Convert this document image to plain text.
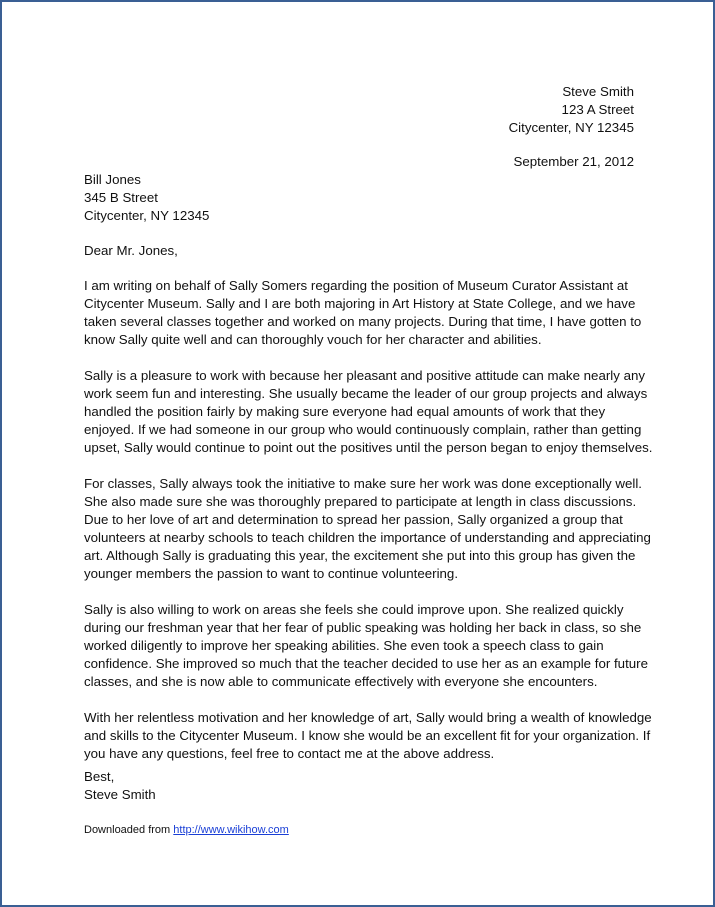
Steve Smith
123 A Street
Citycenter, NY 12345
September 21, 2012
Bill Jones
345 B Street
Citycenter, NY 12345
Dear Mr. Jones,
I am writing on behalf of Sally Somers regarding the position of Museum Curator Assistant at
Citycenter Museum. Sally and I are both majoring in Art History at State College, and we have
taken several classes together and worked on many projects. During that time, I have gotten to
know Sally quite well and can thoroughly vouch for her character and abilities.
Sally is a pleasure to work with because her pleasant and positive attitude can make nearly any
work seem fun and interesting. She usually became the leader of our group projects and always
handled the position fairly by making sure everyone had equal amounts of work that they
enjoyed. If we had someone in our group who would continuously complain, rather than getting
upset, Sally would continue to point out the positives until the person began to enjoy themselves.
For classes, Sally always took the initiative to make sure her work was done exceptionally well.
She also made sure she was thoroughly prepared to participate at length in class discussions.
Due to her love of art and determination to spread her passion, Sally organized a group that
volunteers at nearby schools to teach children the importance of understanding and appreciating
art. Although Sally is graduating this year, the excitement she put into this group has given the
younger members the passion to want to continue volunteering.
Sally is also willing to work on areas she feels she could improve upon. She realized quickly
during our freshman year that her fear of public speaking was holding her back in class, so she
worked diligently to improve her speaking abilities. She even took a speech class to gain
confidence. She improved so much that the teacher decided to use her as an example for future
classes, and she is now able to communicate effectively with everyone she encounters.
With her relentless motivation and her knowledge of art, Sally would bring a wealth of knowledge
and skills to the Citycenter Museum. I know she would be an excellent fit for your organization. If
you have any questions, feel free to contact me at the above address.
Best,
Steve Smith
Downloaded from http://www.wikihow.com
